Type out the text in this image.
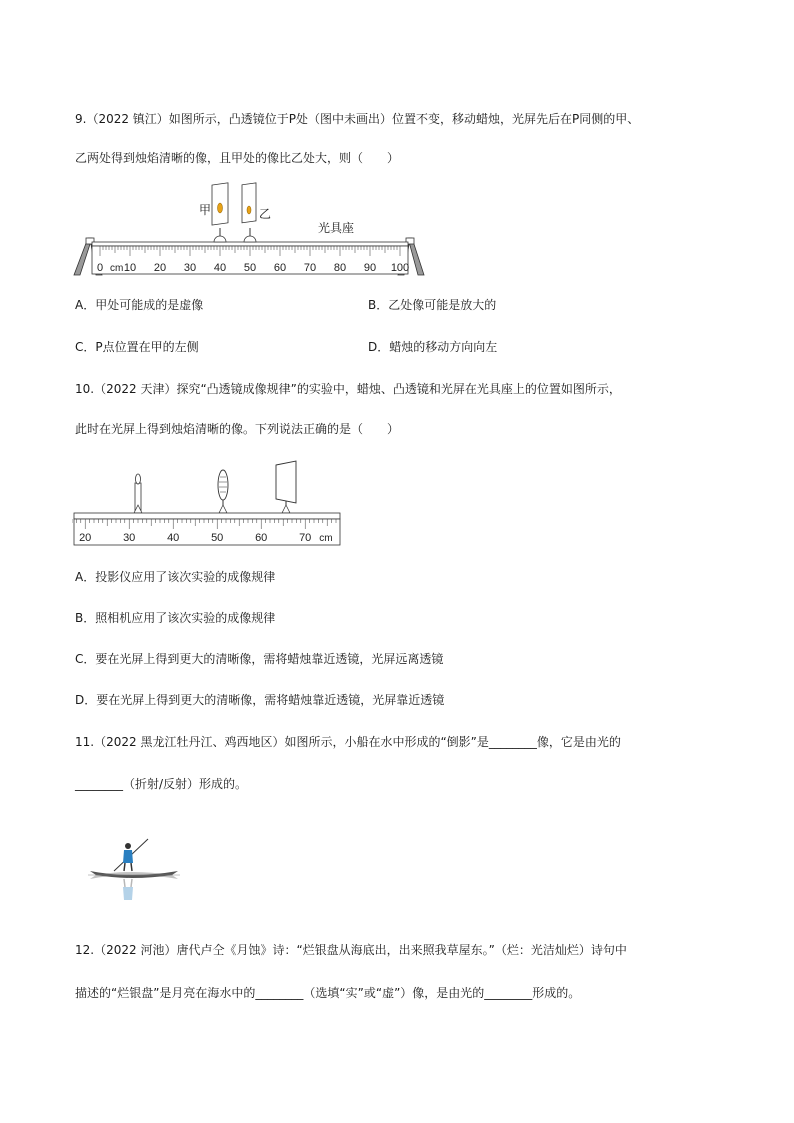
9.（2022 镇江）如图所示，凸透镜位于P处（图中未画出）位置不变，移动蜡烛，光屏先后在P同侧的甲、
乙两处得到烛焰清晰的像，且甲处的像比乙处大，则（　　）
0 cm 10 20 30 40 50 60 70 80 90 100
甲	乙
光具座
A．甲处可能成的是虚像	B．乙处像可能是放大的
C．P点位置在甲的左侧	D．蜡烛的移动方向向左
10.（2022 天津）探究“凸透镜成像规律”的实验中，蜡烛、凸透镜和光屏在光具座上的位置如图所示，
此时在光屏上得到烛焰清晰的像。下列说法正确的是（　　）
20	30	40	50	60	70 cm
A．投影仪应用了该次实验的成像规律
B．照相机应用了该次实验的成像规律
C．要在光屏上得到更大的清晰像，需将蜡烛靠近透镜，光屏远离透镜
D．要在光屏上得到更大的清晰像，需将蜡烛靠近透镜，光屏靠近透镜
11.（2022 黑龙江牡丹江、鸡西地区）如图所示，小船在水中形成的“倒影”是________像，它是由光的
________（折射/反射）形成的。
12.（2022 河池）唐代卢仝《月蚀》诗：“烂银盘从海底出，出来照我草屋东。”（烂：光洁灿烂）诗句中
描述的“烂银盘”是月亮在海水中的________（选填“实”或“虚”）像，是由光的________形成的。
